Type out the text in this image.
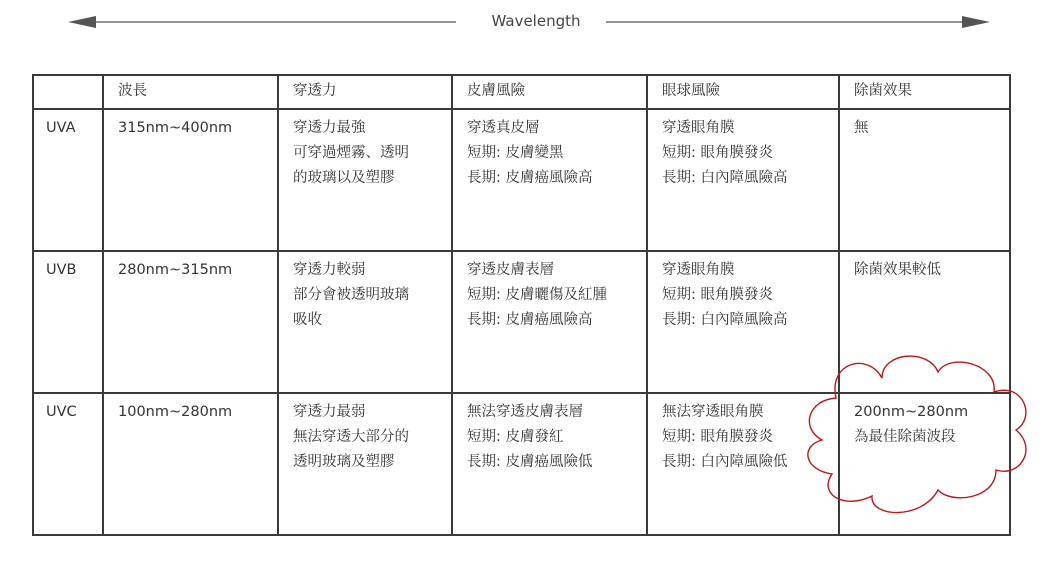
Wavelength
	波長	穿透力	皮膚風險	眼球風險	除菌效果
UVA	315nm~400nm	穿透力最強
可穿過煙霧、透明
的玻璃以及塑膠	穿透真皮層
短期: 皮膚變黑
長期: 皮膚癌風險高	穿透眼角膜
短期: 眼角膜發炎
長期: 白內障風險高	無

UVB	280nm~315nm	穿透力較弱
部分會被透明玻璃
吸收	穿透皮膚表層
短期: 皮膚曬傷及紅腫
長期: 皮膚癌風險高	穿透眼角膜
短期: 眼角膜發炎
長期: 白內障風險高	除菌效果較低

UVC	100nm~280nm	穿透力最弱
無法穿透大部分的
透明玻璃及塑膠	無法穿透皮膚表層
短期: 皮膚發紅
長期: 皮膚癌風險低	無法穿透眼角膜
短期: 眼角膜發炎
長期: 白內障風險低	200nm~280nm
為最佳除菌波段
